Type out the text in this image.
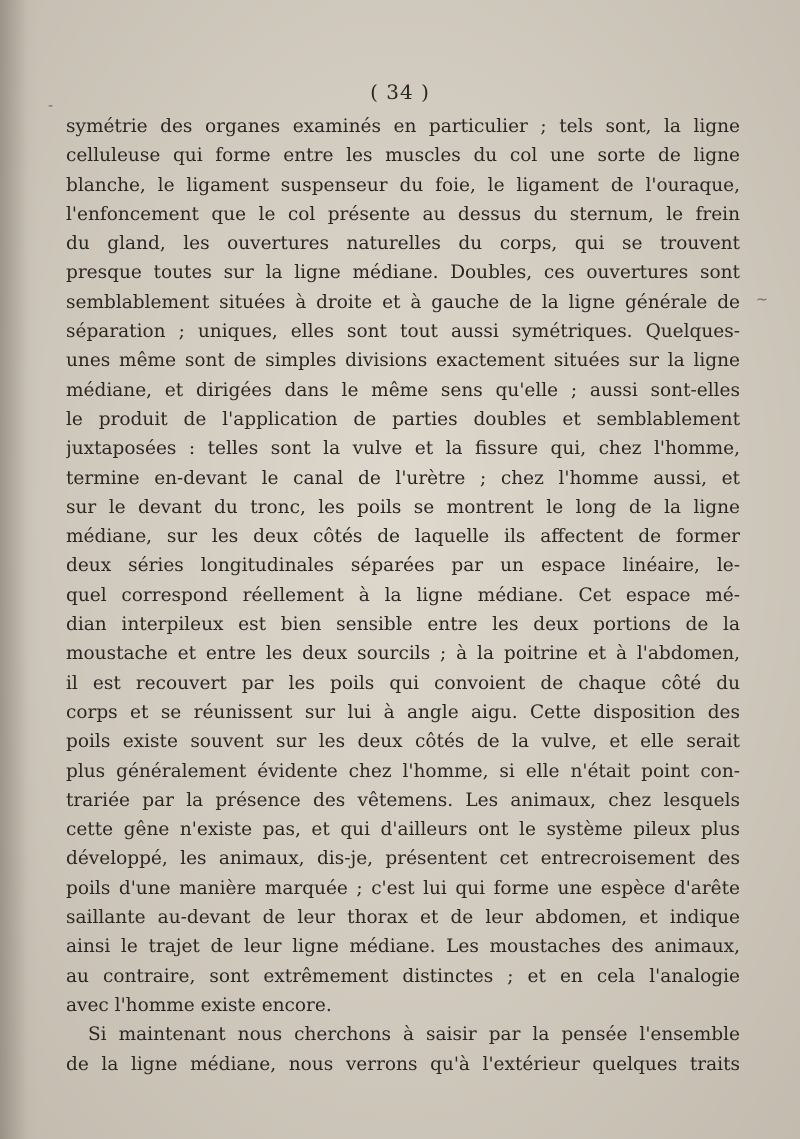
( 34 )
symétrie des organes examinés en particulier ; tels sont, la ligne
celluleuse qui forme entre les muscles du col une sorte de ligne
blanche, le ligament suspenseur du foie, le ligament de l'ouraque,
l'enfoncement que le col présente au dessus du sternum, le frein
du gland, les ouvertures naturelles du corps, qui se trouvent
presque toutes sur la ligne médiane. Doubles, ces ouvertures sont
semblablement situées à droite et à gauche de la ligne générale de
séparation ; uniques, elles sont tout aussi symétriques. Quelques-
unes même sont de simples divisions exactement situées sur la ligne
médiane, et dirigées dans le même sens qu'elle ; aussi sont-elles
le produit de l'application de parties doubles et semblablement
juxtaposées : telles sont la vulve et la fissure qui, chez l'homme,
termine en-devant le canal de l'urètre ; chez l'homme aussi, et
sur le devant du tronc, les poils se montrent le long de la ligne
médiane, sur les deux côtés de laquelle ils affectent de former
deux séries longitudinales séparées par un espace linéaire, le-
quel correspond réellement à la ligne médiane. Cet espace mé-
dian interpileux est bien sensible entre les deux portions de la
moustache et entre les deux sourcils ; à la poitrine et à l'abdomen,
il est recouvert par les poils qui convoient de chaque côté du
corps et se réunissent sur lui à angle aigu. Cette disposition des
poils existe souvent sur les deux côtés de la vulve, et elle serait
plus généralement évidente chez l'homme, si elle n'était point con-
trariée par la présence des vêtemens. Les animaux, chez lesquels
cette gêne n'existe pas, et qui d'ailleurs ont le système pileux plus
développé, les animaux, dis-je, présentent cet entrecroisement des
poils d'une manière marquée ; c'est lui qui forme une espèce d'arête
saillante au-devant de leur thorax et de leur abdomen, et indique
ainsi le trajet de leur ligne médiane. Les moustaches des animaux,
au contraire, sont extrêmement distinctes ; et en cela l'analogie
avec l'homme existe encore.
Si maintenant nous cherchons à saisir par la pensée l'ensemble
de la ligne médiane, nous verrons qu'à l'extérieur quelques traits
~
-
